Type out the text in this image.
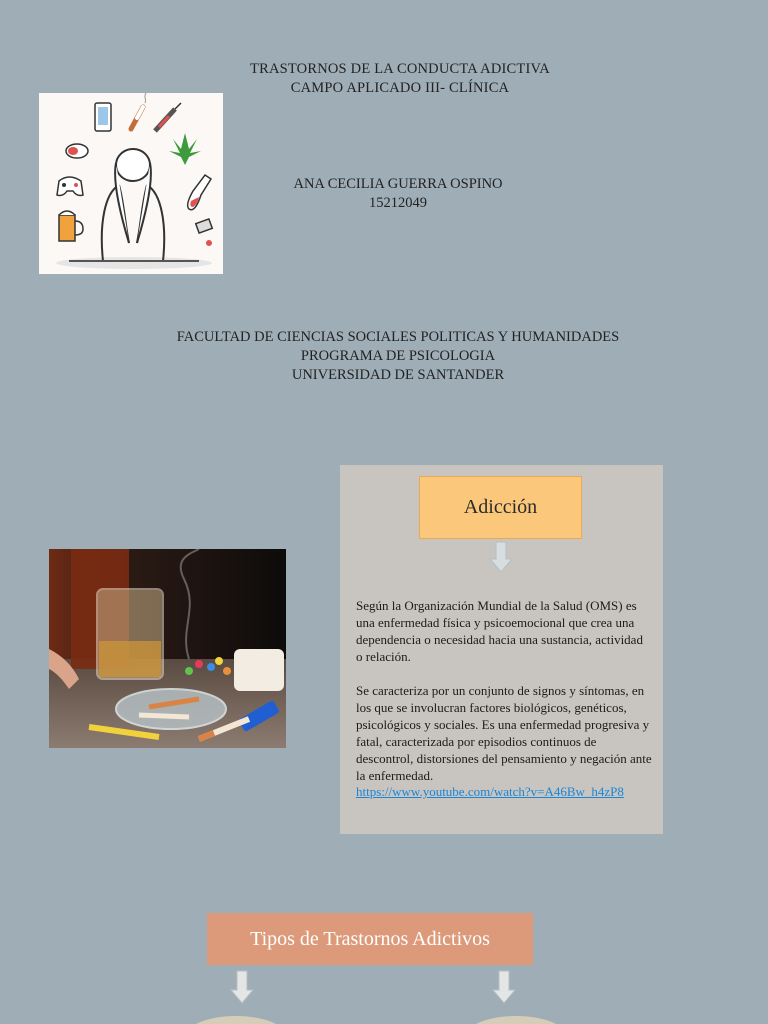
TRASTORNOS DE LA CONDUCTA ADICTIVA
CAMPO APLICADO III- CLÍNICA
ANA CECILIA GUERRA OSPINO
15212049
FACULTAD DE CIENCIAS SOCIALES POLITICAS Y HUMANIDADES
PROGRAMA DE PSICOLOGIA
UNIVERSIDAD DE SANTANDER
Adicción

Según la Organización Mundial de la Salud (OMS) es una enfermedad física y psicoemocional que crea una dependencia o necesidad hacia una sustancia, actividad o relación.

Se caracteriza por un conjunto de signos y síntomas, en los que se involucran factores biológicos, genéticos, psicológicos y sociales. Es una enfermedad progresiva y fatal, caracterizada por episodios continuos de descontrol, distorsiones del pensamiento y negación ante la enfermedad.

https://www.youtube.com/watch?v=A46Bw_h4zP8
Tipos de Trastornos Adictivos
